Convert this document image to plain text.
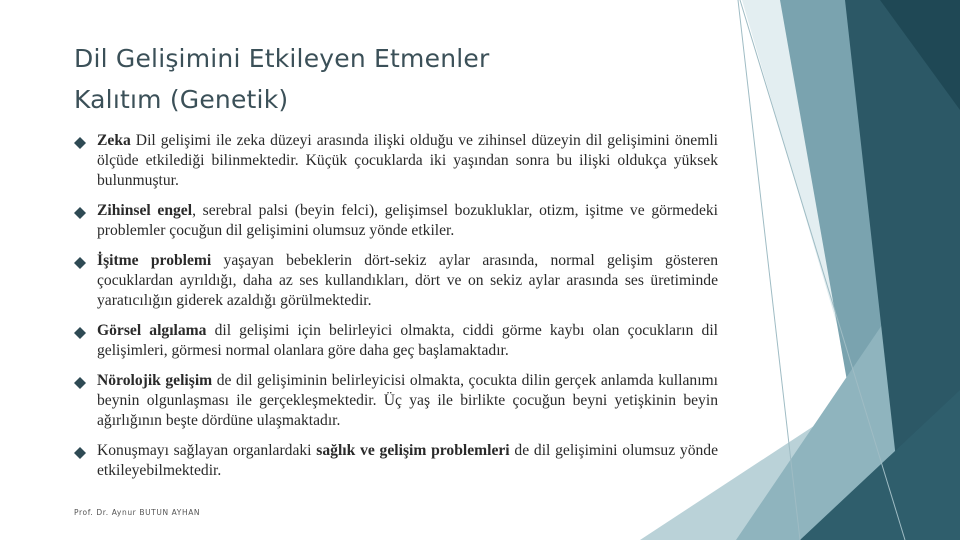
Dil Gelişimini Etkileyen Etmenler
Kalıtım (Genetik)
Zeka Dil gelişimi ile zeka düzeyi arasında ilişki olduğu ve zihinsel düzeyin dil gelişimini önemli ölçüde etkilediği bilinmektedir. Küçük çocuklarda iki yaşından sonra bu ilişki oldukça yüksek bulunmuştur.
Zihinsel engel, serebral palsi (beyin felci), gelişimsel bozukluklar, otizm, işitme ve görmedeki problemler çocuğun dil gelişimini olumsuz yönde etkiler.
İşitme problemi yaşayan bebeklerin dört-sekiz aylar arasında, normal gelişim gösteren çocuklardan ayrıldığı, daha az ses kullandıkları, dört ve on sekiz aylar arasında ses üretiminde yaratıcılığın giderek azaldığı görülmektedir.
Görsel algılama dil gelişimi için belirleyici olmakta, ciddi görme kaybı olan çocukların dil gelişimleri, görmesi normal olanlara göre daha geç başlamaktadır.
Nörolojik gelişim de dil gelişiminin belirleyicisi olmakta, çocukta dilin gerçek anlamda kullanımı beynin olgunlaşması ile gerçekleşmektedir. Üç yaş ile birlikte çocuğun beyni yetişkinin beyin ağırlığının beşte dördüne ulaşmaktadır.
Konuşmayı sağlayan organlardaki sağlık ve gelişim problemleri de dil gelişimini olumsuz yönde etkileyebilmektedir.
Prof. Dr. Aynur BUTUN AYHAN
